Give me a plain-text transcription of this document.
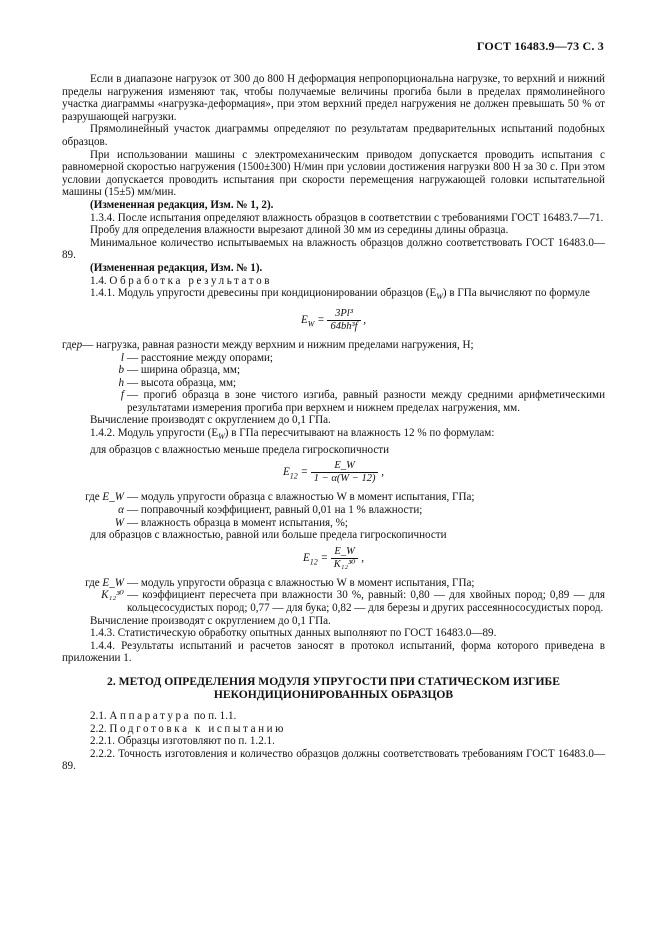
ГОСТ 16483.9—73 С. 3

Если в диапазоне нагрузок от 300 до 800 Н деформация непропорциональна нагрузке, то верхний и нижний пределы нагружения изменяют так, чтобы получаемые величины прогиба были в пределах прямолинейного участка диаграммы «нагрузка-деформация», при этом верхний предел нагружения не должен превышать 50 % от разрушающей нагрузки.

Прямолинейный участок диаграммы определяют по результатам предварительных испытаний подобных образцов.

При использовании машины с электромеханическим приводом допускается проводить испытания с равномерной скоростью нагружения (1500±300) Н/мин при условии достижения нагрузки 800 Н за 30 с. При этом условии допускается проводить испытания при скорости перемещения нагружающей головки испытательной машины (15±5) мм/мин.

(Измененная редакция, Изм. № 1, 2).

1.3.4. После испытания определяют влажность образцов в соответствии с требованиями ГОСТ 16483.7—71.

Пробу для определения влажности вырезают длиной 30 мм из середины длины образца.

Минимальное количество испытываемых на влажность образцов должно соответствовать ГОСТ 16483.0—89.

(Измененная редакция, Изм. № 1).

1.4. Обработка результатов

1.4.1. Модуль упругости древесины при кондиционировании образцов $(E_W)$ в ГПа вычисляют по формуле

$E_W = \frac{\text{3Pl³}}{\text{64bh³f}}$ ,
где p — нагрузка, равная разности между верхним и нижним пределами нагружения, Н;
l — расстояние между опорами;
b — ширина образца, мм;
h — высота образца, мм;
f — прогиб образца в зоне чистого изгиба, равный разности между средними арифметическими результатами измерения прогиба при верхнем и нижнем пределах нагружения, мм.

Вычисление производят с округлением до 0,1 ГПа.

1.4.2. Модуль упругости $(E_W)$ в ГПа пересчитывают на влажность 12 % по формулам:

для образцов с влажностью меньше предела гигроскопичности

$E_{12} = \frac{E\_W}{1 - \alpha(W - 12)}$ ,
где E_W — модуль упругости образца с влажностью W в момент испытания, ГПа;
α — поправочный коэффициент, равный 0,01 на 1 % влажности;
W — влажность образца в момент испытания, %;

для образцов с влажностью, равной или больше предела гигроскопичности

$E_{12} = \frac{E\_W}{\text{K₁₂³⁰}}$ ,
где E_W — модуль упругости образца с влажностью W в момент испытания, ГПа;
K₁₂³⁰ — коэффициент пересчета при влажности 30 %, равный: 0,80 — для хвойных пород; 0,89 — для кольцесосудистых пород; 0,77 — для бука; 0,82 — для березы и других рассеяннососудистых пород.

Вычисление производят с округлением до 0,1 ГПа.

1.4.3. Статистическую обработку опытных данных выполняют по ГОСТ 16483.0—89.

1.4.4. Результаты испытаний и расчетов заносят в протокол испытаний, форма которого приведена в приложении 1.

2. МЕТОД ОПРЕДЕЛЕНИЯ МОДУЛЯ УПРУГОСТИ ПРИ СТАТИЧЕСКОМ ИЗГИБЕ
НЕКОНДИЦИОНИРОВАННЫХ ОБРАЗЦОВ

2.1. Аппаратура по п. 1.1.

2.2. Подготовка к испытанию

2.2.1. Образцы изготовляют по п. 1.2.1.

2.2.2. Точность изготовления и количество образцов должны соответствовать требованиям ГОСТ 16483.0—89.
